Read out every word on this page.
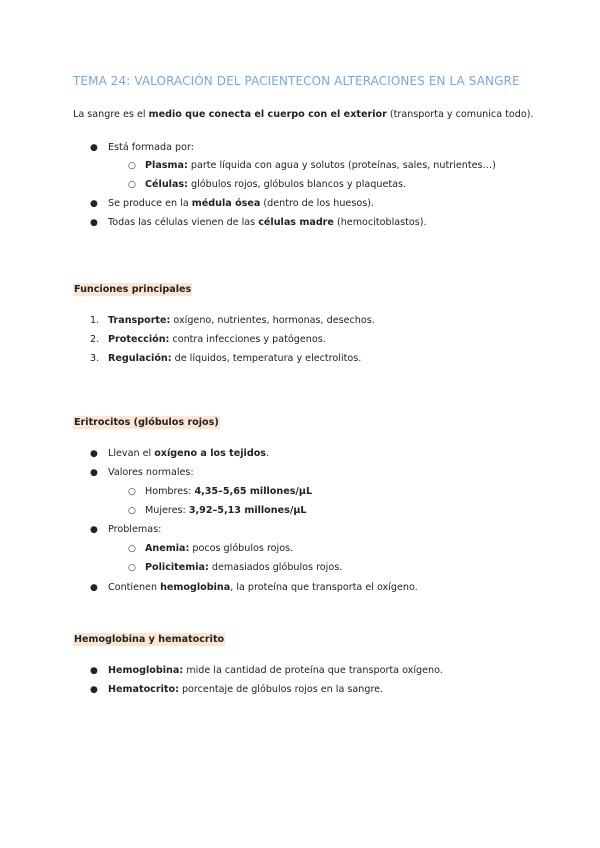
TEMA 24: VALORACIÓN DEL PACIENTECON ALTERACIONES EN LA SANGRE
La sangre es el medio que conecta el cuerpo con el exterior (transporta y comunica todo).
● Está formada por:
○ Plasma: parte líquida con agua y solutos (proteínas, sales, nutrientes…)
○ Células: glóbulos rojos, glóbulos blancos y plaquetas.
● Se produce en la médula ósea (dentro de los huesos).
● Todas las células vienen de las células madre (hemocitoblastos).
Funciones principales
1. Transporte: oxígeno, nutrientes, hormonas, desechos.
2. Protección: contra infecciones y patógenos.
3. Regulación: de líquidos, temperatura y electrolitos.
Eritrocitos (glóbulos rojos)
● Llevan el oxígeno a los tejidos.
● Valores normales:
○ Hombres: 4,35–5,65 millones/µL
○ Mujeres: 3,92–5,13 millones/µL
● Problemas:
○ Anemia: pocos glóbulos rojos.
○ Policitemia: demasiados glóbulos rojos.
● Contienen hemoglobina, la proteína que transporta el oxígeno.
Hemoglobina y hematocrito
● Hemoglobina: mide la cantidad de proteína que transporta oxígeno.
● Hematocrito: porcentaje de glóbulos rojos en la sangre.
